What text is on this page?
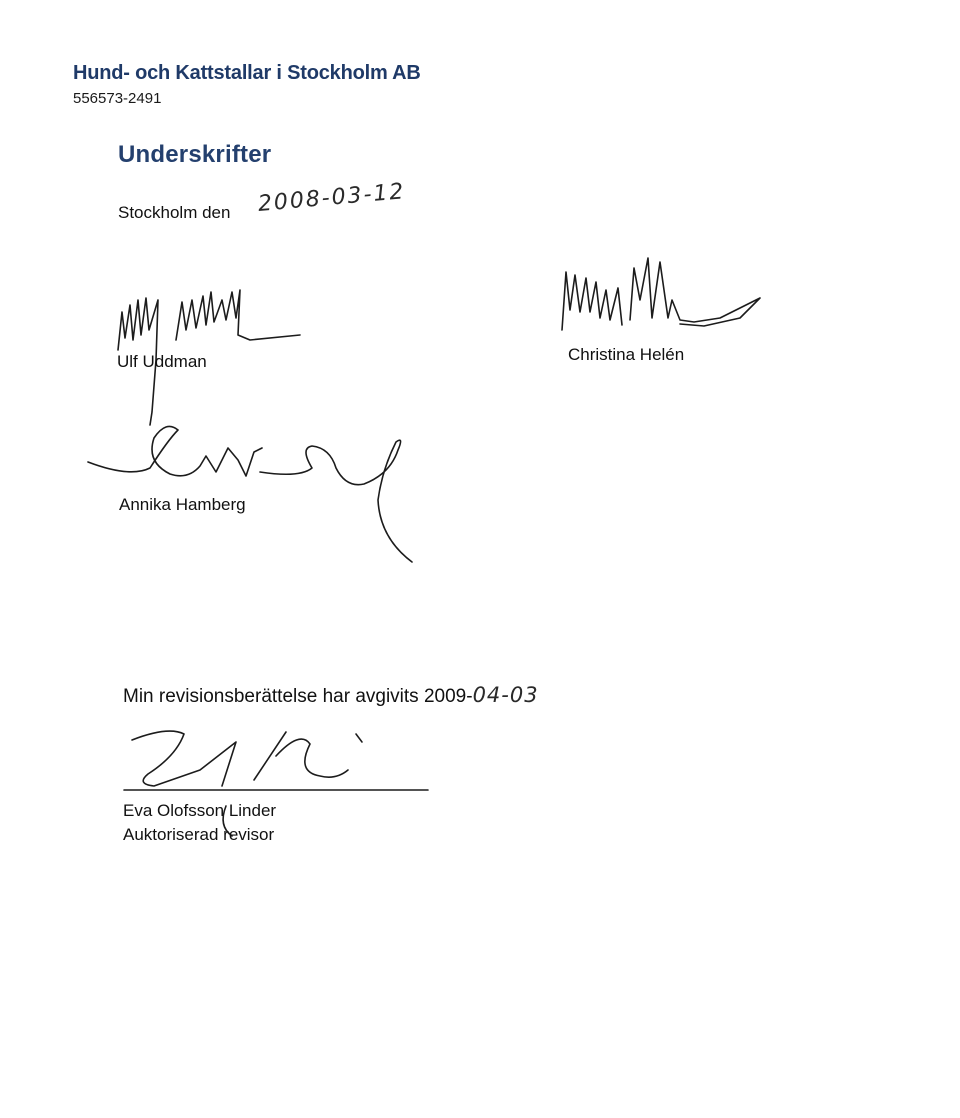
Hund- och Kattstallar i Stockholm AB
556573-2491
Underskrifter
Stockholm den 2008-03-12
Ulf Uddman	Christina Helén
Annika Hamberg
Min revisionsberättelse har avgivits 2009-04-03
Eva Olofsson Linder
Auktoriserad revisor
